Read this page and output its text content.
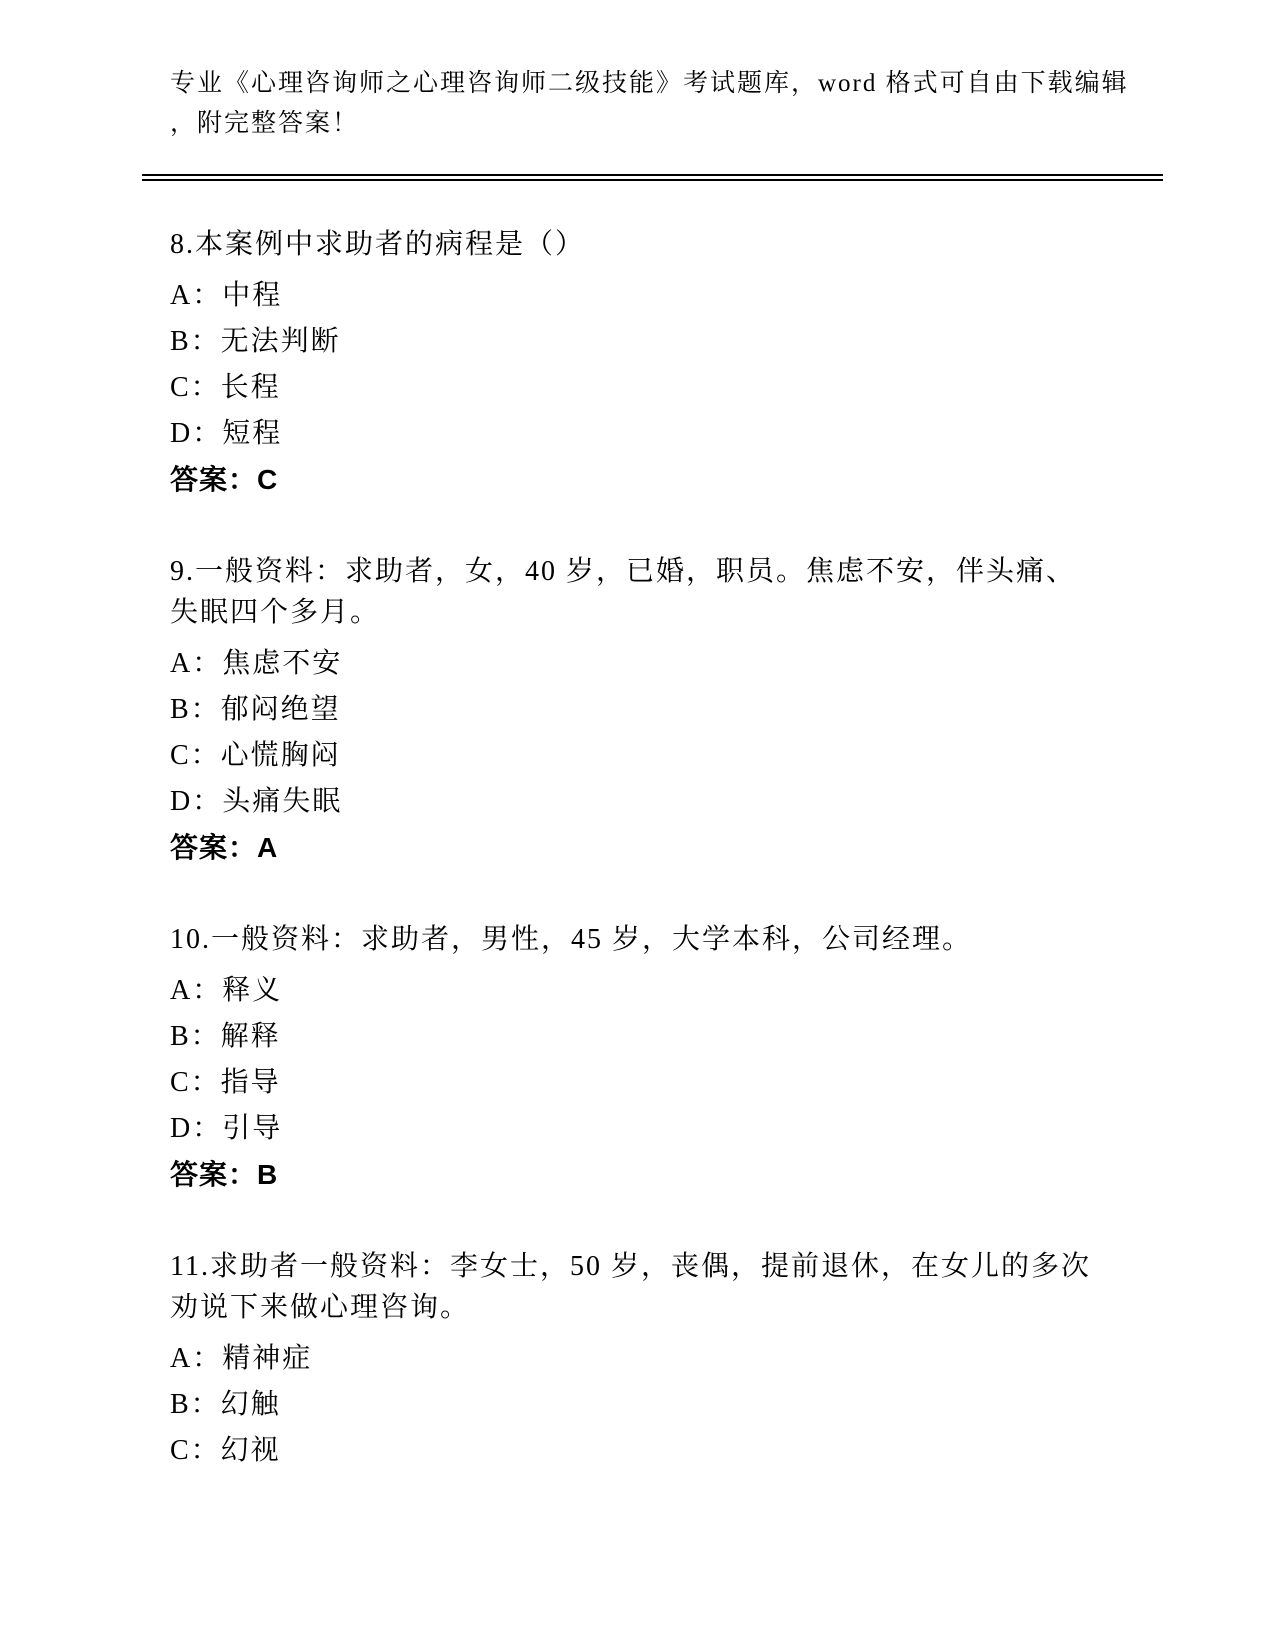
专业《心理咨询师之心理咨询师二级技能》考试题库，word 格式可自由下载编辑
，附完整答案！
8.本案例中求助者的病程是（）
A：中程
B：无法判断
C：长程
D：短程
答案：C
9.一般资料：求助者，女，40 岁，已婚，职员。焦虑不安，伴头痛、
失眠四个多月。
A：焦虑不安
B：郁闷绝望
C：心慌胸闷
D：头痛失眠
答案：A
10.一般资料：求助者，男性，45 岁，大学本科，公司经理。
A：释义
B：解释
C：指导
D：引导
答案：B
11.求助者一般资料：李女士，50 岁，丧偶，提前退休，在女儿的多次
劝说下来做心理咨询。
A：精神症
B：幻触
C：幻视
